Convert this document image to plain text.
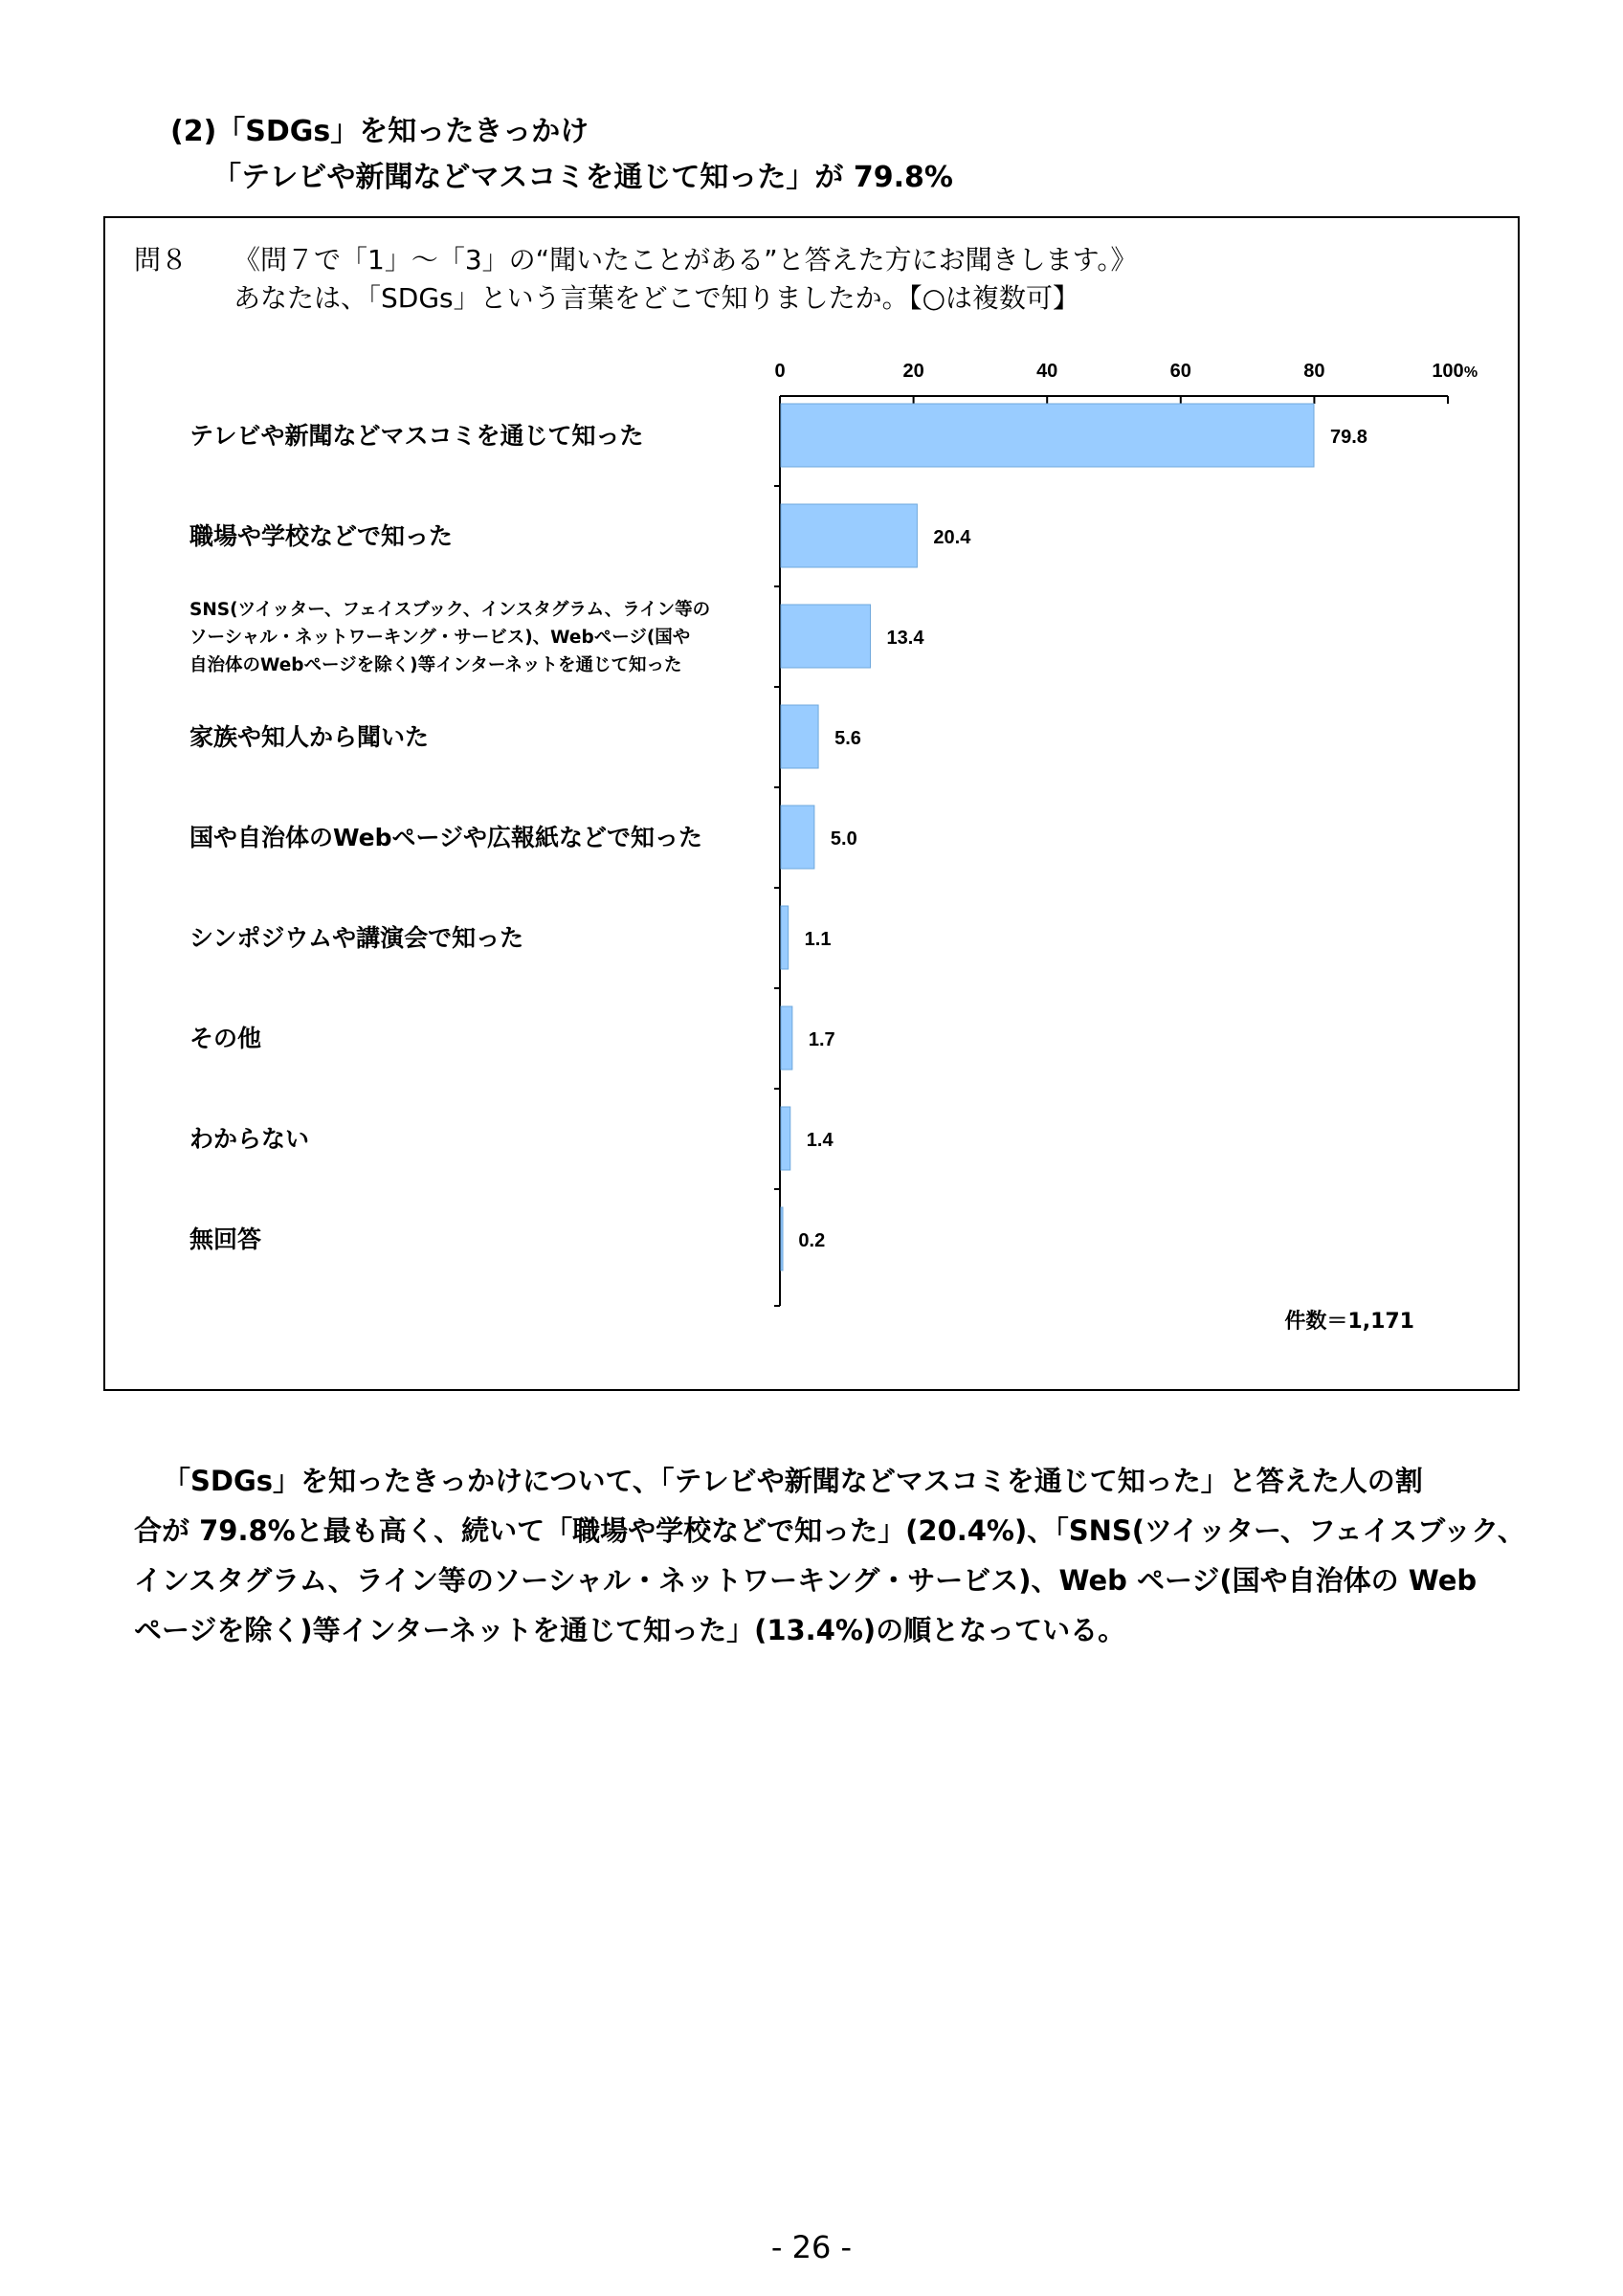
(2)「SDGs」を知ったきっかけ
「テレビや新聞などマスコミを通じて知った」が 79.8%
問８ 《問７で「1」～「3」の“聞いたことがある”と答えた方にお聞きします。》
あなたは、「SDGs」という言葉をどこで知りましたか。【○は複数可】
0	20	40	60	80	100 %
79.8
テレビや新聞などマスコミを通じて知った
20.4
職場や学校などで知った
13.4
SNS(ツイッター、フェイスブック、インスタグラム、ライン等の
ソーシャル・ネットワーキング・サービス)、Webページ(国や
自治体のWebページを除く)等インターネットを通じて知った
5.6
家族や知人から聞いた
5.0
国や自治体のWebページや広報紙などで知った
1.1
シンポジウムや講演会で知った
1.7
その他
1.4
わからない
0.2
無回答
件数＝1,171
「SDGs」を知ったきっかけについて、「テレビや新聞などマスコミを通じて知った」と答えた人の割
合が 79.8%と最も高く、続いて「職場や学校などで知った」(20.4%)、「SNS(ツイッター、フェイスブック、
インスタグラム、ライン等のソーシャル・ネットワーキング・サービス)、Web ページ(国や自治体の Web
ページを除く)等インターネットを通じて知った」(13.4%)の順となっている。
- 26 -
